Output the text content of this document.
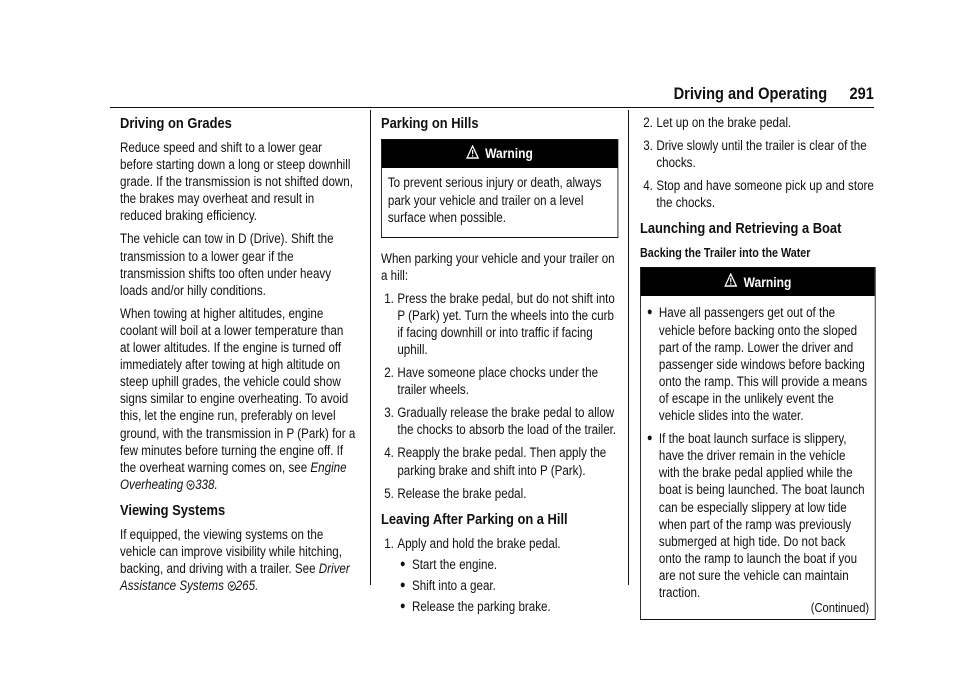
Driving and Operating 291
Driving on Grades

Reduce speed and shift to a lower gear before starting down a long or steep downhill grade. If the transmission is not shifted down, the brakes may overheat and result in reduced braking efficiency.

The vehicle can tow in D (Drive). Shift the transmission to a lower gear if the transmission shifts too often under heavy loads and/or hilly conditions.

When towing at higher altitudes, engine coolant will boil at a lower temperature than at lower altitudes. If the engine is turned off immediately after towing at high altitude on steep uphill grades, the vehicle could show signs similar to engine overheating. To avoid this, let the engine run, preferably on level ground, with the transmission in P (Park) for a few minutes before turning the engine off. If the overheat warning comes on, see Engine Overheating 338.

Viewing Systems

If equipped, the viewing systems on the vehicle can improve visibility while hitching, backing, and driving with a trailer. See Driver Assistance Systems 265.

Parking on Hills
Warning

To prevent serious injury or death, always park your vehicle and trailer on a level surface when possible.

When parking your vehicle and your trailer on a hill:

1. Press the brake pedal, but do not shift into P (Park) yet. Turn the wheels into the curb if facing downhill or into traffic if facing uphill.
2. Have someone place chocks under the trailer wheels.
3. Gradually release the brake pedal to allow the chocks to absorb the load of the trailer.
4. Reapply the brake pedal. Then apply the parking brake and shift into P (Park).
5. Release the brake pedal.
Leaving After Parking on a Hill
1. Apply and hold the brake pedal.
● Start the engine.
● Shift into a gear.
● Release the parking brake.
2. Let up on the brake pedal.
3. Drive slowly until the trailer is clear of the chocks.
4. Stop and have someone pick up and store the chocks.
Launching and Retrieving a Boat
Backing the Trailer into the Water
Warning
● Have all passengers get out of the vehicle before backing onto the sloped part of the ramp. Lower the driver and passenger side windows before backing onto the ramp. This will provide a means of escape in the unlikely event the vehicle slides into the water.
● If the boat launch surface is slippery, have the driver remain in the vehicle with the brake pedal applied while the boat is being launched. The boat launch can be especially slippery at low tide when part of the ramp was previously submerged at high tide. Do not back onto the ramp to launch the boat if you are not sure the vehicle can maintain traction.
(Continued)
